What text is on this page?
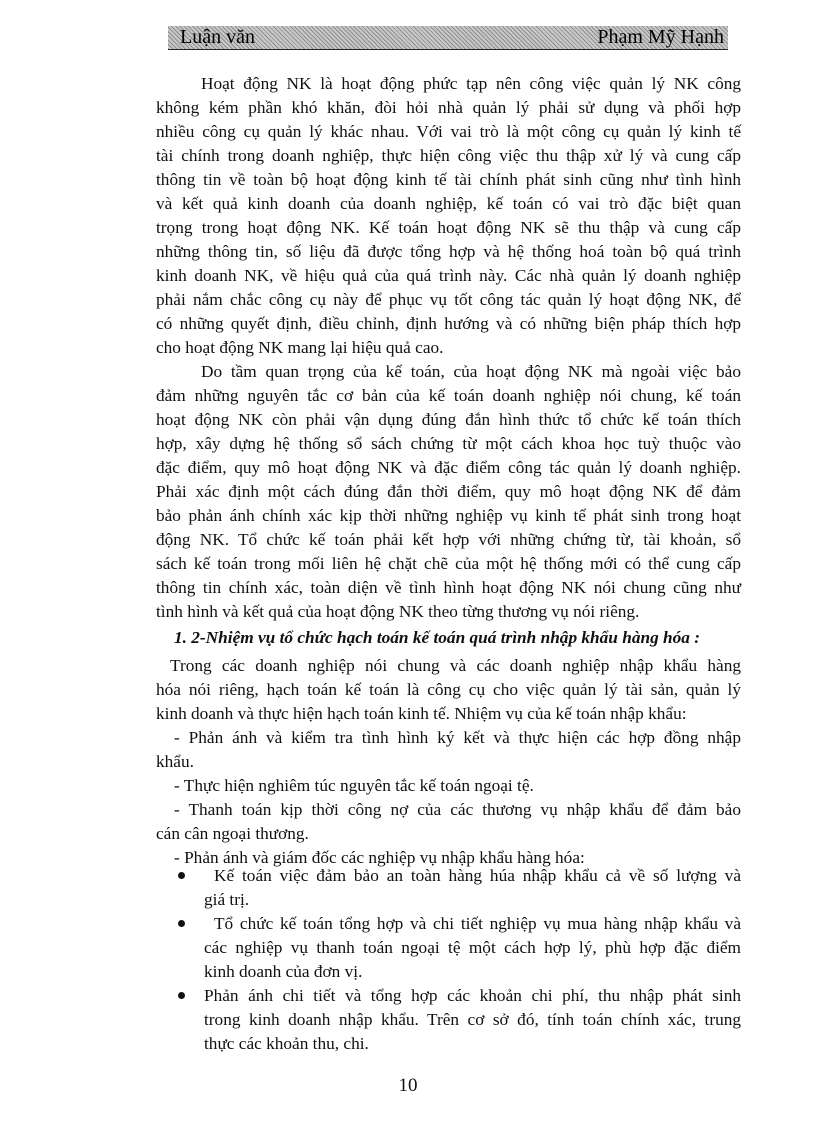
Luận văn	Phạm Mỹ Hạnh
Hoạt động NK là hoạt động phức tạp nên công việc quản lý NK công
không kém phần khó khăn, đòi hỏi nhà quản lý phải sử dụng và phối hợp
nhiều công cụ quản lý khác nhau. Với vai trò là một công cụ quản lý kinh tế
tài chính trong doanh nghiệp, thực hiện công việc thu thập xử lý và cung cấp
thông tin về toàn bộ hoạt động kinh tế tài chính phát sinh cũng như tình hình
và kết quả kinh doanh của doanh nghiệp, kế toán có vai trò đặc biệt quan
trọng trong hoạt động NK. Kế toán hoạt động NK sẽ thu thập và cung cấp
những thông tin, số liệu đã được tổng hợp và hệ thống hoá toàn bộ quá trình
kinh doanh NK, về hiệu quả của quá trình này. Các nhà quản lý doanh nghiệp
phải nắm chắc công cụ này để phục vụ tốt công tác quản lý hoạt động NK, để
có những quyết định, điều chỉnh, định hướng và có những biện pháp thích hợp
cho hoạt động NK mang lại hiệu quả cao.
Do tầm quan trọng của kế toán, của hoạt động NK mà ngoài việc bảo
đảm những nguyên tắc cơ bản của kế toán doanh nghiệp nói chung, kế toán
hoạt động NK còn phải vận dụng đúng đắn hình thức tổ chức kế toán thích
hợp, xây dựng hệ thống sổ sách chứng từ một cách khoa học tuỳ thuộc vào
đặc điểm, quy mô hoạt động NK và đặc điểm công tác quản lý doanh nghiệp.
Phải xác định một cách đúng đắn thời điểm, quy mô hoạt động NK để đảm
bảo phản ánh chính xác kịp thời những nghiệp vụ kinh tế phát sinh trong hoạt
động NK. Tổ chức kế toán phải kết hợp với những chứng từ, tài khoản, sổ
sách kế toán trong mối liên hệ chặt chẽ của một hệ thống mới có thể cung cấp
thông tin chính xác, toàn diện về tình hình hoạt động NK nói chung cũng như
tình hình và kết quả của hoạt động NK theo từng thương vụ nói riêng.
1. 2-Nhiệm vụ tổ chức hạch toán kế toán quá trình nhập khẩu hàng hóa :
Trong các doanh nghiệp nói chung và các doanh nghiệp nhập khẩu hàng
hóa nói riêng, hạch toán kế toán là công cụ cho việc quản lý tài sản, quản lý
kinh doanh và thực hiện hạch toán kinh tế. Nhiệm vụ của kế toán nhập khẩu:
- Phản ánh và kiểm tra tình hình ký kết và thực hiện các hợp đồng nhập
khẩu.
- Thực hiện nghiêm túc nguyên tắc kế toán ngoại tệ.
- Thanh toán kịp thời công nợ của các thương vụ nhập khẩu để đảm bảo
cán cân ngoại thương.
- Phản ánh và giám đốc các nghiệp vụ nhập khẩu hàng hóa:
Kế toán việc đảm bảo an toàn hàng húa nhập khẩu cả về số lượng và
giá trị.
Tổ chức kế toán tổng hợp và chi tiết nghiệp vụ mua hàng nhập khẩu và
các nghiệp vụ thanh toán ngoại tệ một cách hợp lý, phù hợp đặc điểm
kinh doanh của đơn vị.
Phản ánh chi tiết và tổng hợp các khoản chi phí, thu nhập phát sinh
trong kinh doanh nhập khẩu. Trên cơ sở đó, tính toán chính xác, trung
thực các khoản thu, chi.
10
